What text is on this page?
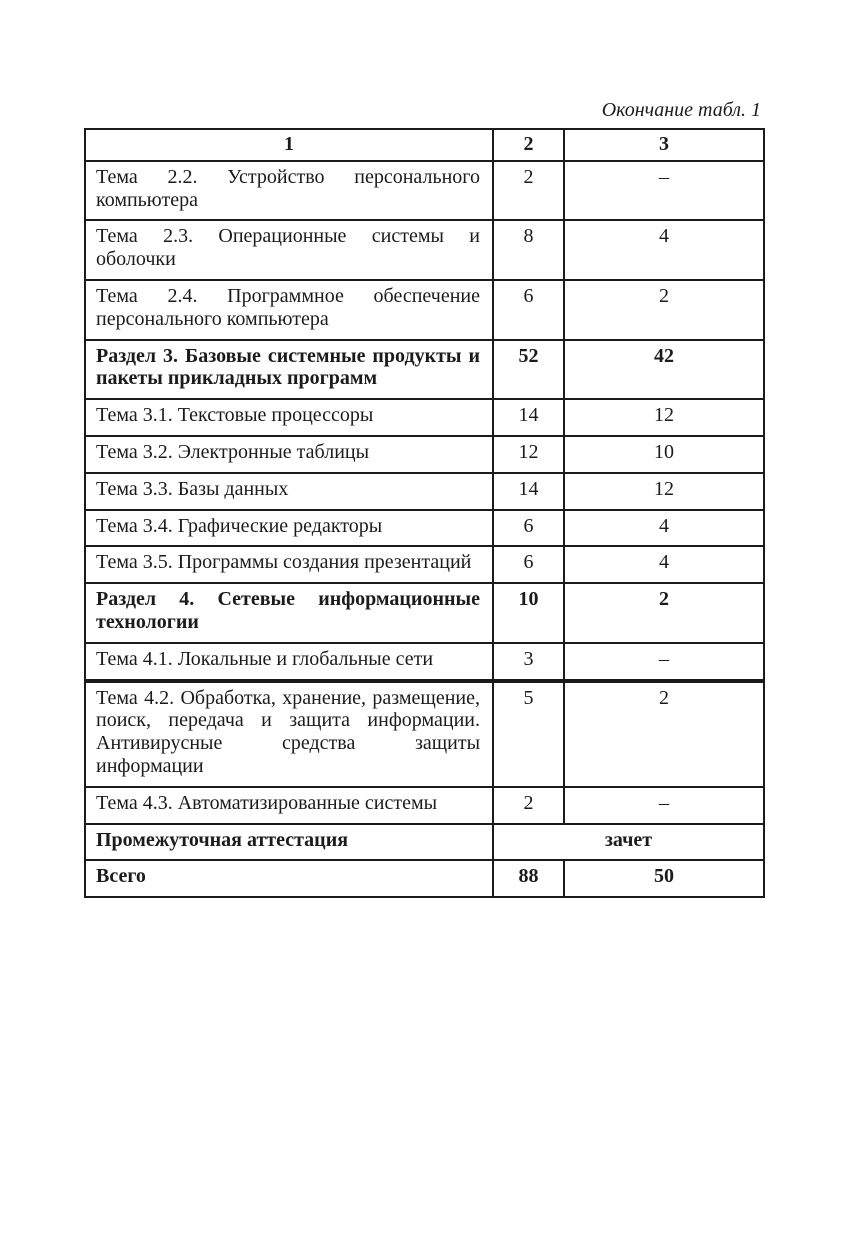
Окончание табл. 1
1	2	3
Тема 2.2. Устройство персонального компьютера	2	–
Тема 2.3. Операционные системы и оболочки	8	4
Тема 2.4. Программное обеспечение персонального компьютера	6	2
Раздел 3. Базовые системные продукты и пакеты прикладных программ	52	42
Тема 3.1. Текстовые процессоры	14	12
Тема 3.2. Электронные таблицы	12	10
Тема 3.3. Базы данных	14	12
Тема 3.4. Графические редакторы	6	4
Тема 3.5. Программы создания презентаций	6	4
Раздел 4. Сетевые информационные технологии	10	2
Тема 4.1. Локальные и глобальные сети	3	–
Тема 4.2. Обработка, хранение, размещение, поиск, передача и защита информации. Антивирусные средства защиты информации	5	2
Тема 4.3. Автоматизированные системы	2	–
Промежуточная аттестация	зачет	
Всего	88	50
